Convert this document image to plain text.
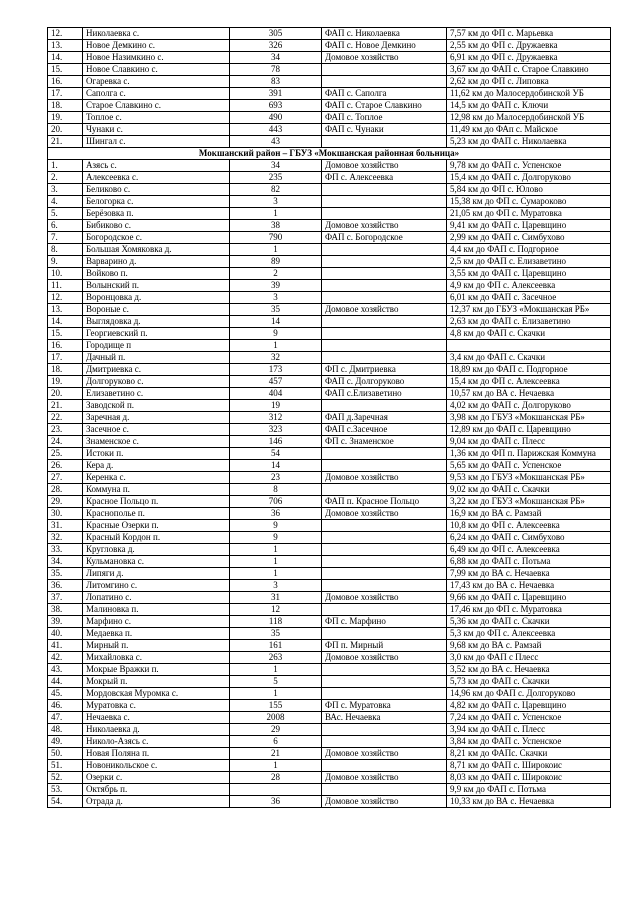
12.	Николаевка с.	305	ФАП с. Николаевка	7,57 км до ФП с. Марьевка
13.	Новое Демкино с.	326	ФАП с. Новое Демкино	2,55 км до ФП с. Дружаевка
14.	Новое Назимкино с.	34	Домовое хозяйство	6,91 км до ФП с. Дружаевка
15.	Новое Славкино с.	78		3,67 км до ФАП с. Старое Славкино
16.	Огаревка с.	83		2,62 км до ФП с. Липовка
17.	Саполга с.	391	ФАП с. Саполга	11,62 км до Малосердобинской УБ
18.	Старое Славкино с.	693	ФАП с. Старое Славкино	14,5 км до ФАП с. Ключи
19.	Топлое с.	490	ФАП с. Топлое	12,98 км до Малосердобинской УБ
20.	Чунаки с.	443	ФАП с. Чунаки	11,49 км до ФАп с. Майское
21.	Шингал с.	43		5,23 км до ФАП с. Николаевка
Мокшанский район – ГБУЗ «Мокшанская районная больница»				
1.	Азясь с.	34	Домовое хозяйство	9,78 км до ФАП с. Успенское
2.	Алексеевка с.	235	ФП с. Алексеевка	15,4 км до ФАП с. Долгоруково
3.	Беликово с.	82		5,84 км до ФП с. Юлово
4.	Белогорка с.	3		15,38 км до ФП с. Сумароково
5.	Берёзовка п.	1		21,05 км до ФП с. Муратовка
6.	Бибиково с.	38	Домовое хозяйство	9,41 км до ФАП с. Царевщино
7.	Богородское с.	790	ФАП с. Богородское	2,99 км до ФАП с. Симбухово
8.	Большая Хомяковка д.	1		4,4 км до ФАП с. Подгорное
9.	Варварино д.	89		2,5 км до ФАП с. Елизаветино
10.	Войково п.	2		3,55 км до ФАП с. Царевщино
11.	Волынский п.	39		4,9 км до ФП с. Алексеевка
12.	Воронцовка д.	3		6,01 км до ФАП с. Засечное
13.	Вороные с.	35	Домовое хозяйство	12,37 км до ГБУЗ «Мокшанская РБ»
14.	Выглядовка д.	14		2,63 км до ФАП с. Елизаветино
15.	Георгиевский п.	9		4,8 км до ФАП с. Скачки
16.	Городище п	1		
17.	Дачный п.	32		3,4 км до ФАП с. Скачки
18.	Дмитриевка с.	173	ФП с. Дмитриевка	18,89 км до ФАП с. Подгорное
19.	Долгоруково с.	457	ФАП с. Долгоруково	15,4 км до ФП с. Алексеевка
20.	Елизаветино с.	404	ФАП с.Елизаветино	10,57 км до ВА с. Нечаевка
21.	Заводской п.	19		4,02 км до ФАП с. Долгоруково
22.	Заречная д.	312	ФАП д.Заречная	3,98 км до ГБУЗ «Мокшанская РБ»
23.	Засечное с.	323	ФАП с.Засечное	12,89 км до ФАП с. Царевщино
24.	Знаменское с.	146	ФП с. Знаменское	9,04 км до ФАП с. Плесс
25.	Истоки п.	54		1,36 км до ФП п. Парижская Коммуна
26.	Кера д.	14		5,65 км до ФАП с. Успенское
27.	Керенка с.	23	Домовое хозяйство	9,53 км до ГБУЗ «Мокшанская РБ»
28.	Коммуна п.	8		9,02 км до ФАП с. Скачки
29.	Красное Польцо п.	706	ФАП п. Красное Польцо	3,22 км до ГБУЗ «Мокшанская РБ»
30.	Краснополье п.	36	Домовое хозяйство	16,9 км до ВА с. Рамзай
31.	Красные Озерки п.	9		10,8 км до ФП с. Алексеевка
32.	Красный Кордон п.	9		6,24 км до ФАП с. Симбухово
33.	Кругловка д.	1		6,49 км до ФП с. Алексеевка
34.	Кульмановка с.	1		6,88 км до ФАП с. Потьма
35.	Липяги д.	1		7,99 км до ВА с. Нечаевка
36.	Литомгино с.	3		17,43 км до ВА с. Нечаевка
37.	Лопатино с.	31	Домовое хозяйство	9,66 км до ФАП с. Царевщино
38.	Малиновка п.	12		17,46 км до ФП с. Муратовка
39.	Марфино с.	118	ФП с. Марфино	5,36 км до ФАП с. Скачки
40.	Медаевка п.	35		5,3 км до ФП с. Алексеевка
41.	Мирный п.	161	ФП п. Мирный	9,68 км до ВА с. Рамзай
42.	Михайловка с.	263	Домовое хозяйство	3,0 км до ФАП с Плесс
43.	Мокрые Вражки п.	1		3,52 км до ВА с. Нечаевка
44.	Мокрый п.	5		5,73 км до ФАП с. Скачки
45.	Мордовская Муромка с.	1		14,96 км до ФАП с. Долгоруково
46.	Муратовка с.	155	ФП с. Муратовка	4,82 км до ФАП с. Царевщино
47.	Нечаевка с.	2008	ВАс. Нечаевка	7,24 км до ФАП с. Успенское
48.	Николаевка д.	29		3,94 км до ФАП с. Плесс
49.	Николо-Азясь с.	6		3,84 км до ФАП с. Успенское
50.	Новая Поляна п.	21	Домовое хозяйство	8,21 км до ФАПс. Скачки
51.	Новоникольское с.	1		8,71 км до ФАП с. Широкоис
52.	Озерки с.	28	Домовое хозяйство	8,03 км до ФАП с. Широкоис
53.	Октябрь п.			9,9 км до ФАП с. Потьма
54.	Отрада д.	36	Домовое хозяйство	10,33 км до ВА с. Нечаевка
